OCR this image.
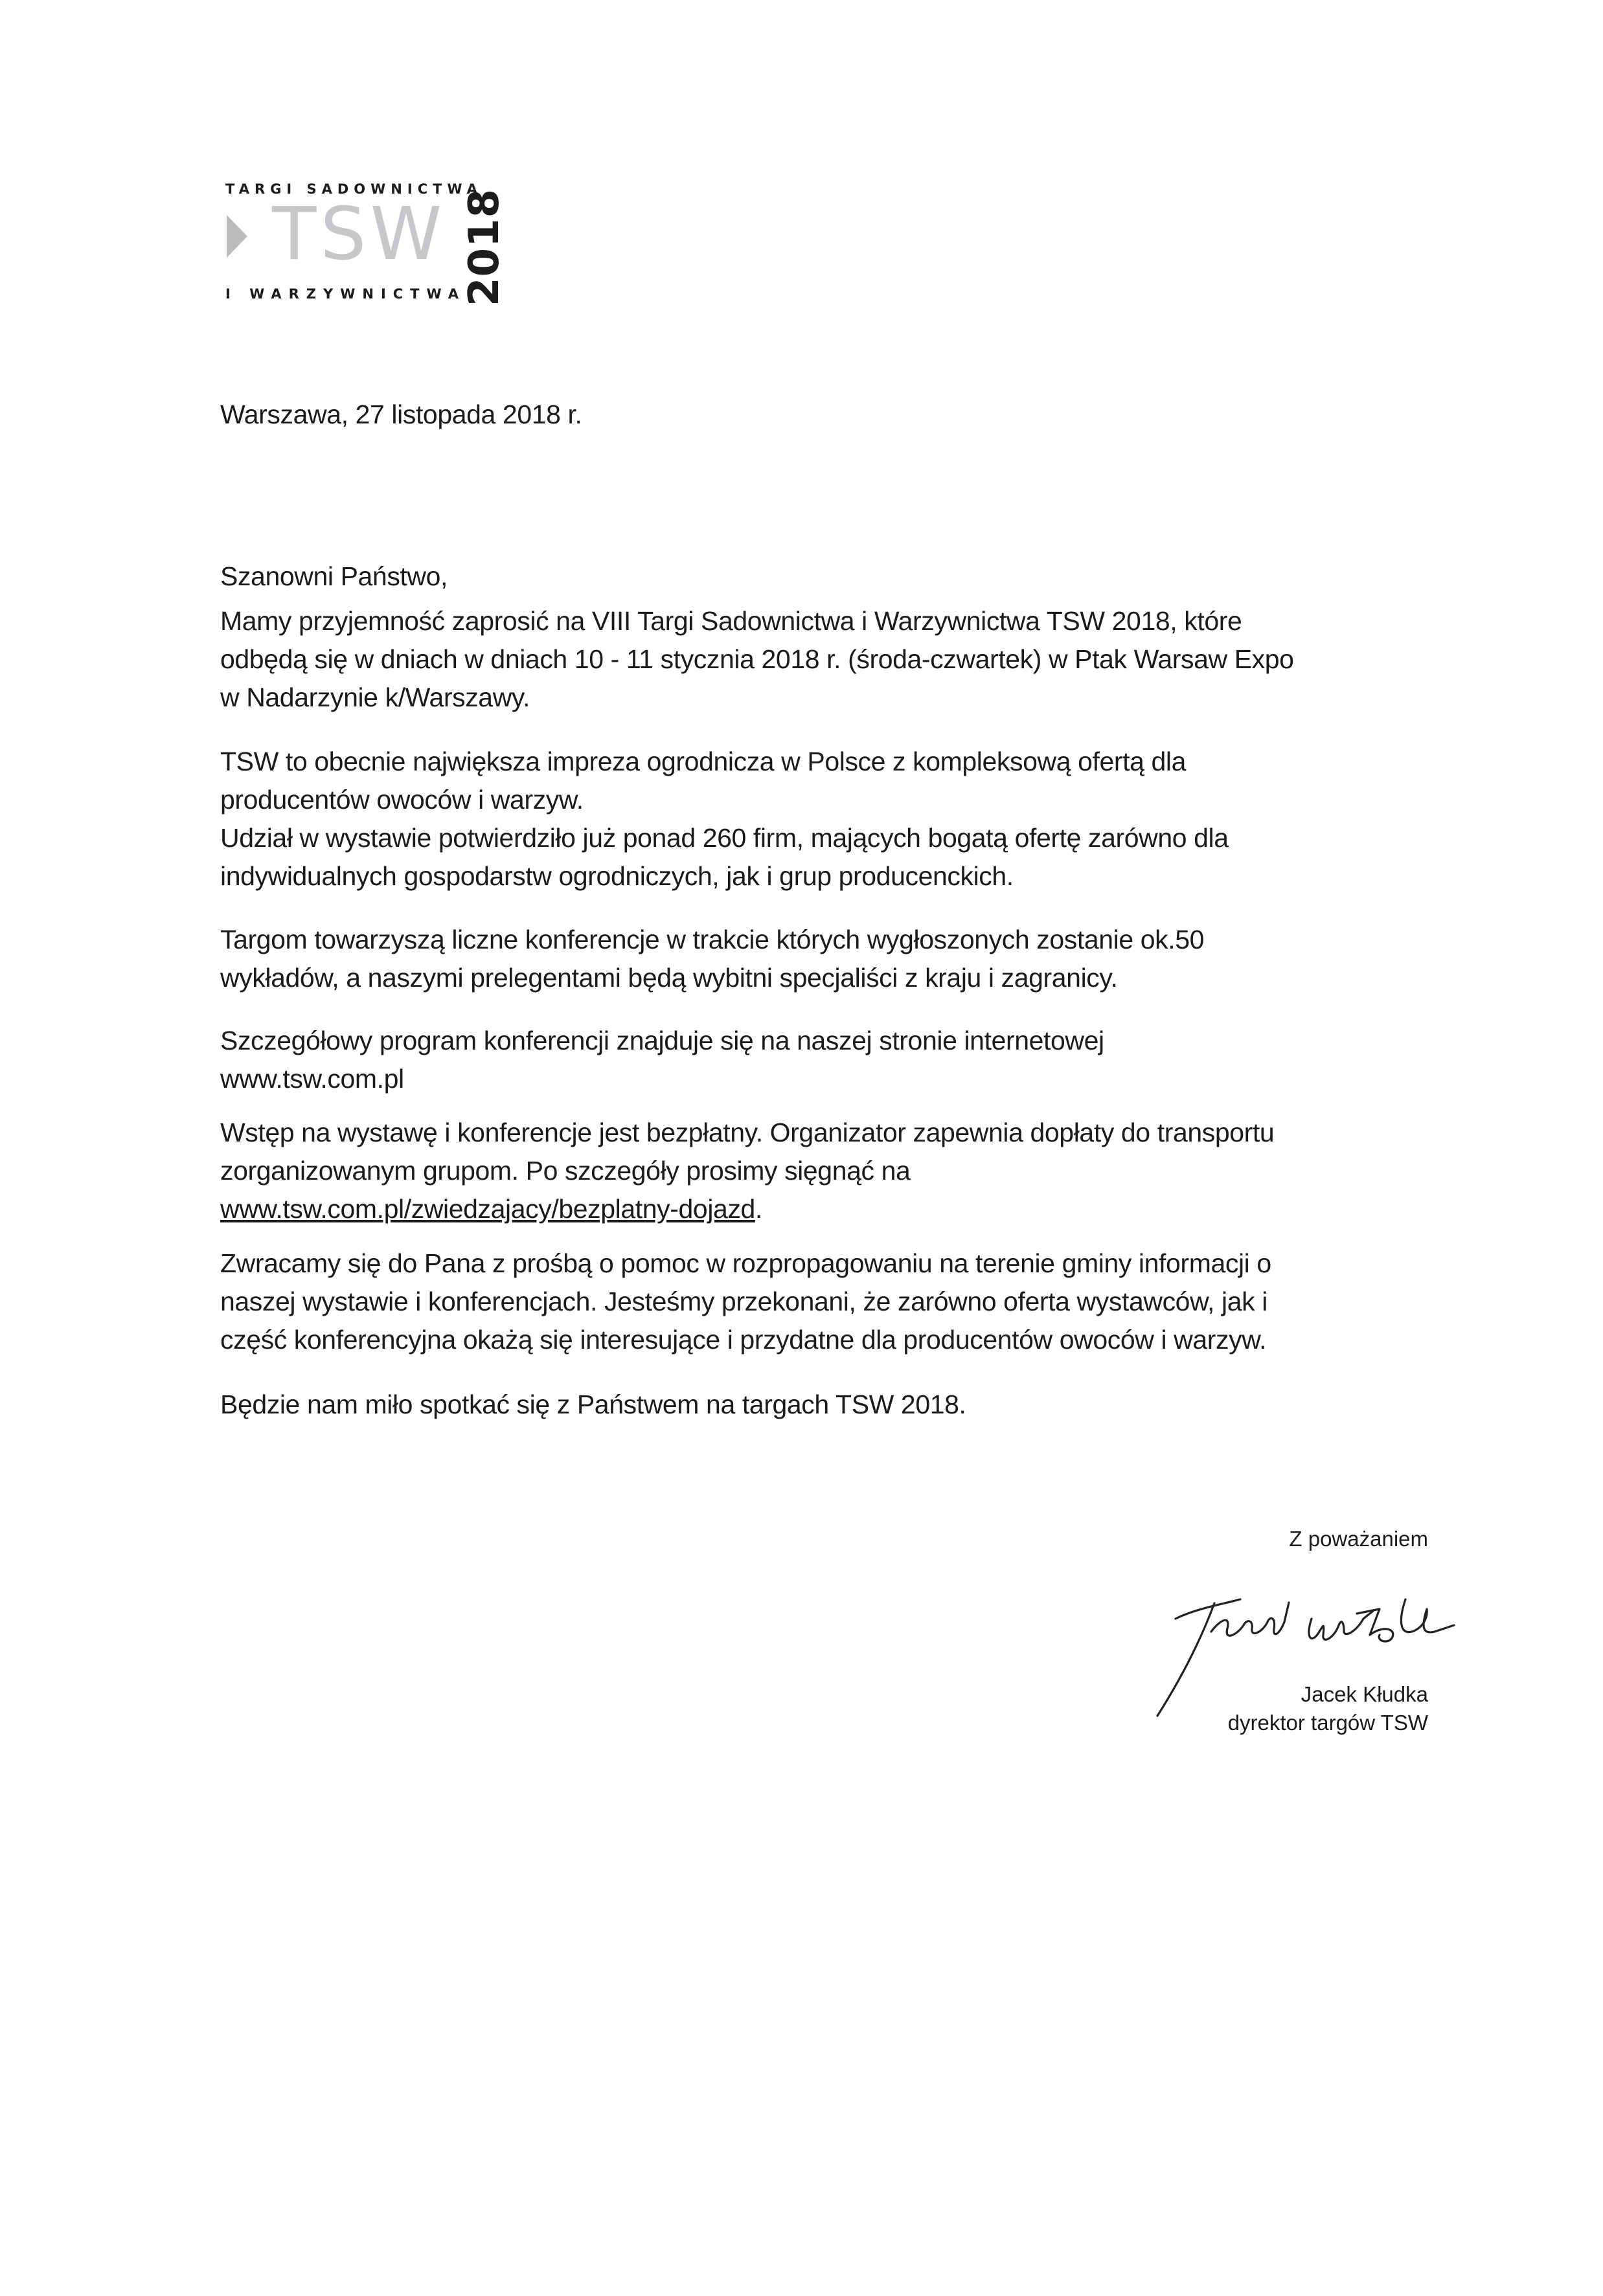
TARGI SADOWNICTWA
TSW
I WARZYWNICTWA
2018
Warszawa, 27 listopada 2018 r.
Szanowni Państwo,
Mamy przyjemność zaprosić na VIII Targi Sadownictwa i Warzywnictwa TSW 2018, które
odbędą się w dniach w dniach 10 - 11 stycznia 2018 r. (środa-czwartek) w Ptak Warsaw Expo
w Nadarzynie k/Warszawy.
TSW to obecnie największa impreza ogrodnicza w Polsce z kompleksową ofertą dla
producentów owoców i warzyw.
Udział w wystawie potwierdziło już ponad 260 firm, mających bogatą ofertę zarówno dla
indywidualnych gospodarstw ogrodniczych, jak i grup producenckich.
Targom towarzyszą liczne konferencje w trakcie których wygłoszonych zostanie ok.50
wykładów, a naszymi prelegentami będą wybitni specjaliści z kraju i zagranicy.
Szczegółowy program konferencji znajduje się na naszej stronie internetowej
www.tsw.com.pl
Wstęp na wystawę i konferencje jest bezpłatny. Organizator zapewnia dopłaty do transportu
zorganizowanym grupom. Po szczegóły prosimy sięgnąć na
www.tsw.com.pl/zwiedzajacy/bezplatny-dojazd.
Zwracamy się do Pana z prośbą o pomoc w rozpropagowaniu na terenie gminy informacji o
naszej wystawie i konferencjach. Jesteśmy przekonani, że zarówno oferta wystawców, jak i
część konferencyjna okażą się interesujące i przydatne dla producentów owoców i warzyw.
Będzie nam miło spotkać się z Państwem na targach TSW 2018.
Z poważaniem
Jacek Kłudka
dyrektor targów TSW
